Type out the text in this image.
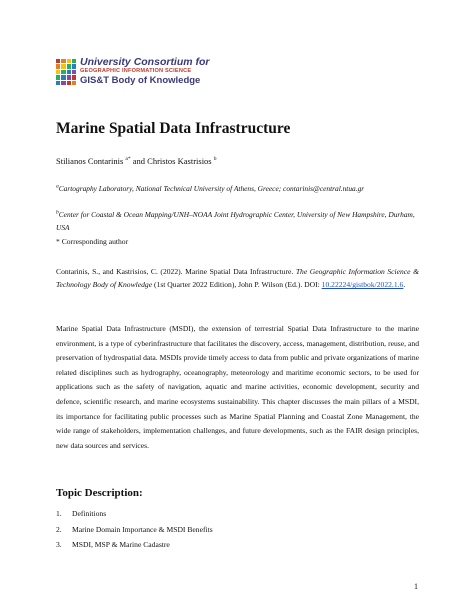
University Consortium for
GEOGRAPHIC INFORMATION SCIENCE
GIS&T Body of Knowledge
Marine Spatial Data Infrastructure
Stilianos Contarinis $^{a*}$ and Christos Kastrisios $^b$
$^a$Cartography Laboratory, National Technical University of Athens, Greece; contarinis@central.ntua.gr
$^b$Center for Coastal & Ocean Mapping/UNH–NOAA Joint Hydrographic Center, University of New Hampshire, Durham, USA
* Corresponding author
Contarinis, S., and Kastrisios, C. (2022). Marine Spatial Data Infrastructure. The Geographic Information Science & Technology Body of Knowledge (1st Quarter 2022 Edition), John P. Wilson (Ed.). DOI: 10.22224/gistbok/2022.1.6.
Marine Spatial Data Infrastructure (MSDI), the extension of terrestrial Spatial Data Infrastructure to the marine environment, is a type of cyberinfrastructure that facilitates the discovery, access, management, distribution, reuse, and preservation of hydrospatial data. MSDIs provide timely access to data from public and private organizations of marine related disciplines such as hydrography, oceanography, meteorology and maritime economic sectors, to be used for applications such as the safety of navigation, aquatic and marine activities, economic development, security and defence, scientific research, and marine ecosystems sustainability. This chapter discusses the main pillars of a MSDI, its importance for facilitating public processes such as Marine Spatial Planning and Coastal Zone Management, the wide range of stakeholders, implementation challenges, and future developments, such as the FAIR design principles, new data sources and services.
Topic Description:
1.	Definitions
2.	Marine Domain Importance & MSDI Benefits
3.	MSDI, MSP & Marine Cadastre
1
